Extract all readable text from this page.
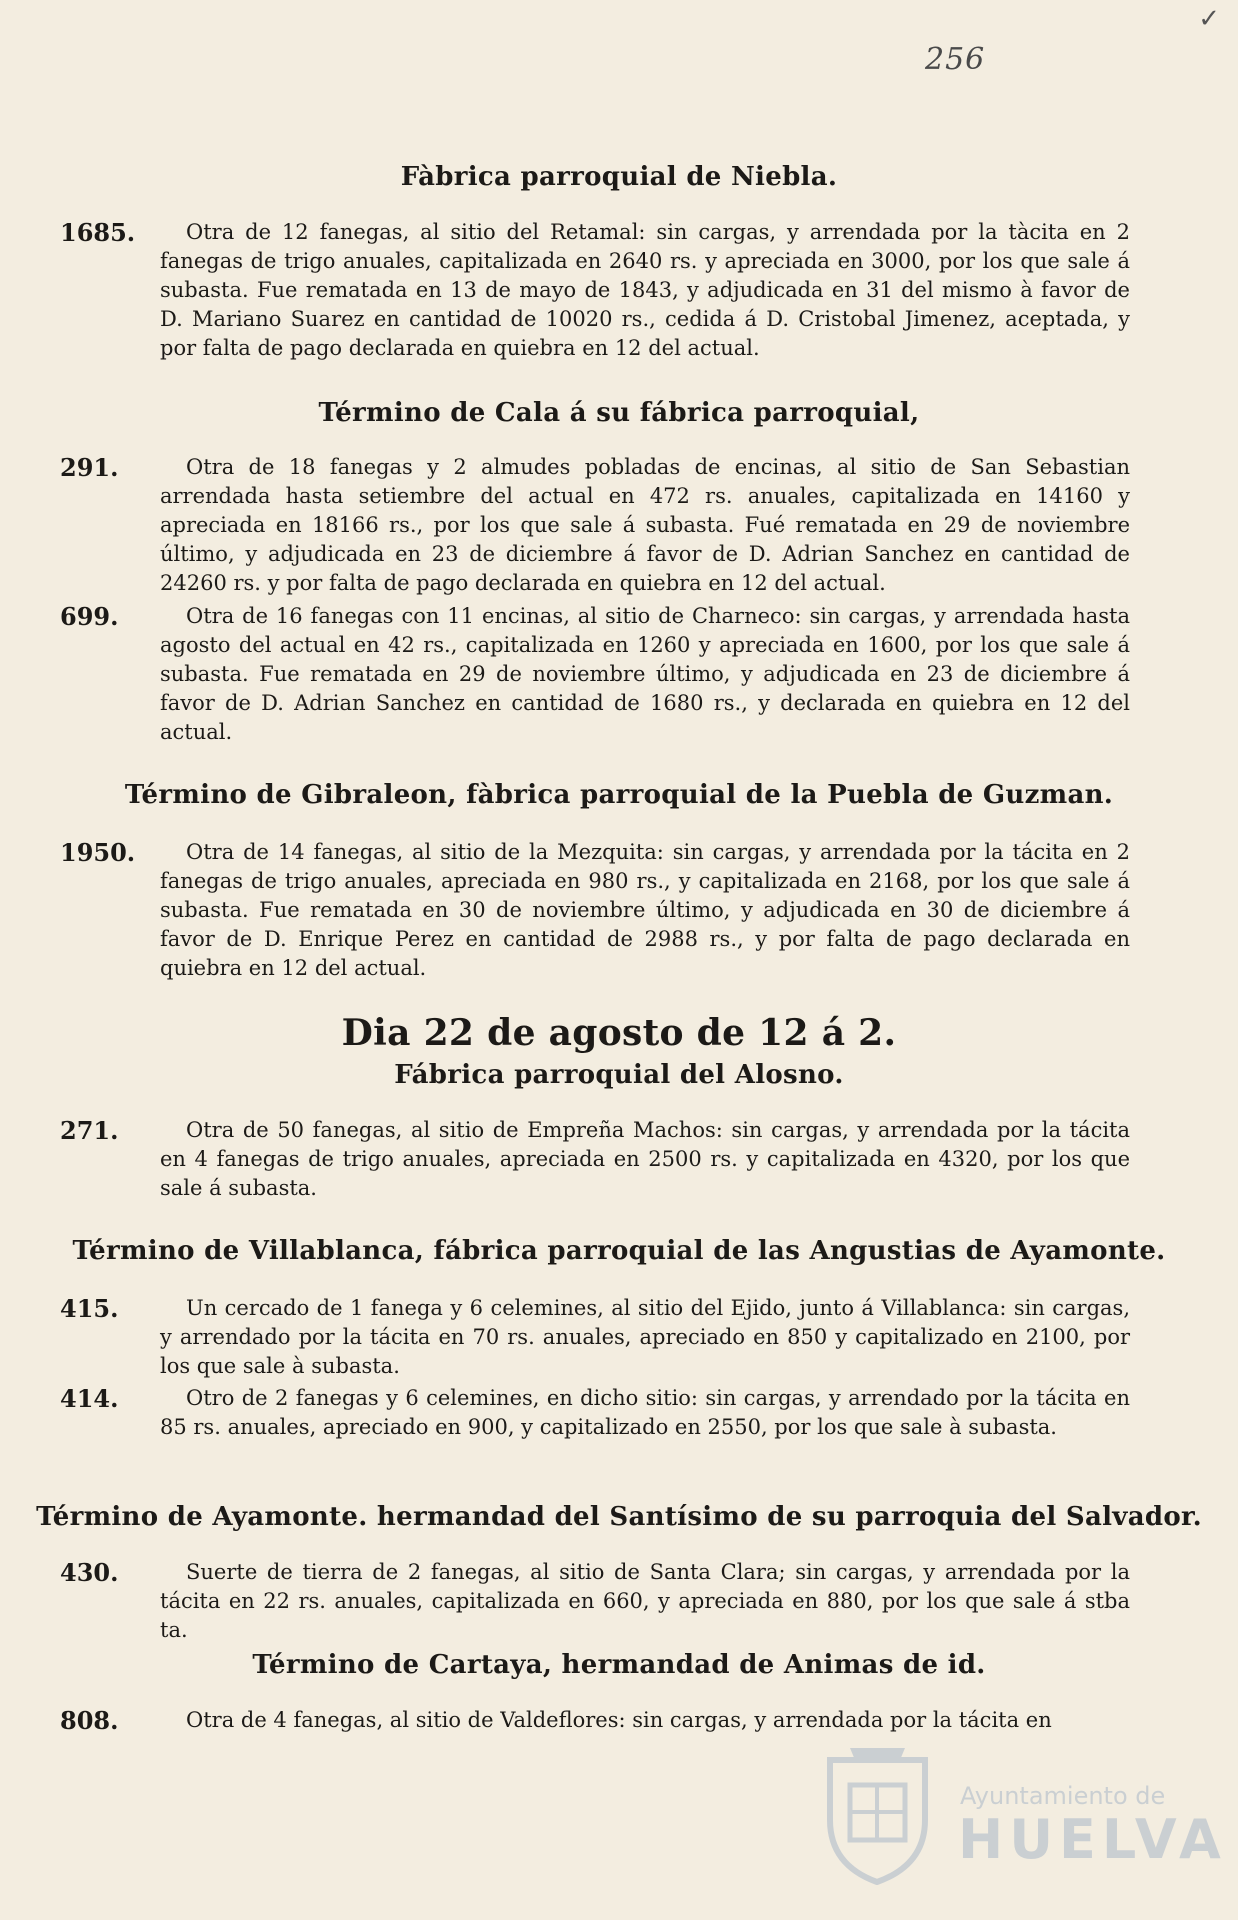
✓
256
Fàbrica parroquial de Niebla.
1685.	Otra de 12 fanegas, al sitio del Retamal: sin cargas, y arrendada por la tàcita en 2 fanegas de trigo anuales, capitalizada en 2640 rs. y apreciada en 3000, por los que sale á subasta. Fue rematada en 13 de mayo de 1843, y adjudicada en 31 del mismo à favor de D. Mariano Suarez en cantidad de 10020 rs., cedida á D. Cristobal Jimenez, aceptada, y por falta de pago declarada en quiebra en 12 del actual.
Término de Cala á su fábrica parroquial,
291.	Otra de 18 fanegas y 2 almudes pobladas de encinas, al sitio de San Sebastian arrendada hasta setiembre del actual en 472 rs. anuales, capitalizada en 14160 y apreciada en 18166 rs., por los que sale á subasta. Fué rematada en 29 de noviembre último, y adjudicada en 23 de diciembre á favor de D. Adrian Sanchez en cantidad de 24260 rs. y por falta de pago declarada en quiebra en 12 del actual.
699.	Otra de 16 fanegas con 11 encinas, al sitio de Charneco: sin cargas, y arrendada hasta agosto del actual en 42 rs., capitalizada en 1260 y apreciada en 1600, por los que sale á subasta. Fue rematada en 29 de noviembre último, y adjudicada en 23 de diciembre á favor de D. Adrian Sanchez en cantidad de 1680 rs., y declarada en quiebra en 12 del actual.
Término de Gibraleon, fàbrica parroquial de la Puebla de Guzman.
1950.	Otra de 14 fanegas, al sitio de la Mezquita: sin cargas, y arrendada por la tácita en 2 fanegas de trigo anuales, apreciada en 980 rs., y capitalizada en 2168, por los que sale á subasta. Fue rematada en 30 de noviembre último, y adjudicada en 30 de diciembre á favor de D. Enrique Perez en cantidad de 2988 rs., y por falta de pago declarada en quiebra en 12 del actual.
Dia 22 de agosto de 12 á 2.
Fábrica parroquial del Alosno.
271.	Otra de 50 fanegas, al sitio de Empreña Machos: sin cargas, y arrendada por la tácita en 4 fanegas de trigo anuales, apreciada en 2500 rs. y capitalizada en 4320, por los que sale á subasta.
Término de Villablanca, fábrica parroquial de las Angustias de Ayamonte.
415.	Un cercado de 1 fanega y 6 celemines, al sitio del Ejido, junto á Villablanca: sin cargas, y arrendado por la tácita en 70 rs. anuales, apreciado en 850 y capitalizado en 2100, por los que sale à subasta.
414.	Otro de 2 fanegas y 6 celemines, en dicho sitio: sin cargas, y arrendado por la tácita en 85 rs. anuales, apreciado en 900, y capitalizado en 2550, por los que sale à subasta.
Término de Ayamonte. hermandad del Santísimo de su parroquia del Salvador.
430.	Suerte de tierra de 2 fanegas, al sitio de Santa Clara; sin cargas, y arrendada por la tácita en 22 rs. anuales, capitalizada en 660, y apreciada en 880, por los que sale á stba ta.
Término de Cartaya, hermandad de Animas de id.
808.	Otra de 4 fanegas, al sitio de Valdeflores: sin cargas, y arrendada por la tácita en
Ayuntamiento de
HUELVA
